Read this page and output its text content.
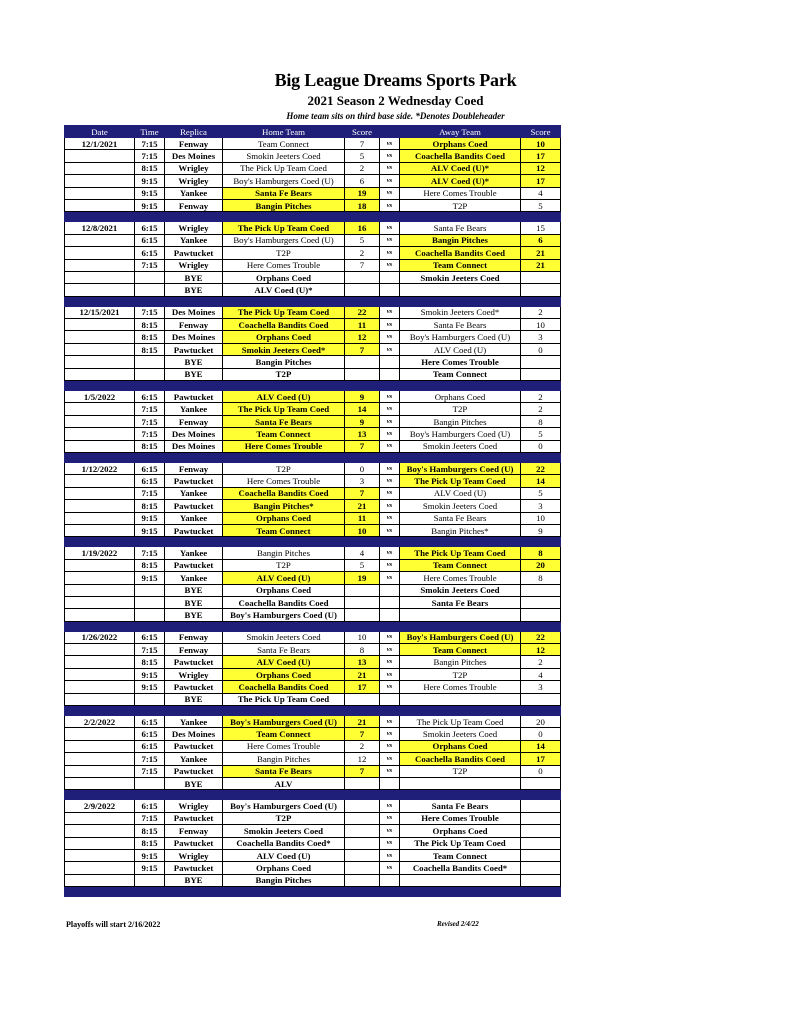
Big League Dreams Sports Park
2021 Season 2 Wednesday Coed
Home team sits on third base side. *Denotes Doubleheader
Date	Time	Replica	Home Team	Score		Away Team	Score
12/1/2021	7:15	Fenway	Team Connect	7	vs	Orphans Coed	10
	7:15	Des Moines	Smokin Jeeters Coed	5	vs	Coachella Bandits Coed	17
	8:15	Wrigley	The Pick Up Team Coed	2	vs	ALV Coed (U)*	12
	9:15	Wrigley	Boy's Hamburgers Coed (U)	6	vs	ALV Coed (U)*	17
	9:15	Yankee	Santa Fe Bears	19	vs	Here Comes Trouble	4
	9:15	Fenway	Bangin Pitches	18	vs	T2P	5

12/8/2021	6:15	Wrigley	The Pick Up Team Coed	16	vs	Santa Fe Bears	15
	6:15	Yankee	Boy's Hamburgers Coed (U)	5	vs	Bangin Pitches	6
	6:15	Pawtucket	T2P	2	vs	Coachella Bandits Coed	21
	7:15	Wrigley	Here Comes Trouble	7	vs	Team Connect	21
		BYE	Orphans Coed			Smokin Jeeters Coed	
		BYE	ALV Coed (U)*				

12/15/2021	7:15	Des Moines	The Pick Up Team Coed	22	vs	Smokin Jeeters Coed*	2
	8:15	Fenway	Coachella Bandits Coed	11	vs	Santa Fe Bears	10
	8:15	Des Moines	Orphans Coed	12	vs	Boy's Hamburgers Coed (U)	3
	8:15	Pawtucket	Smokin Jeeters Coed*	7	vs	ALV Coed (U)	0
		BYE	Bangin Pitches			Here Comes Trouble	
		BYE	T2P			Team Connect	

1/5/2022	6:15	Pawtucket	ALV Coed (U)	9	vs	Orphans Coed	2
	7:15	Yankee	The Pick Up Team Coed	14	vs	T2P	2
	7:15	Fenway	Santa Fe Bears	9	vs	Bangin Pitches	8
	7:15	Des Moines	Team Connect	13	vs	Boy's Hamburgers Coed (U)	5
	8:15	Des Moines	Here Comes Trouble	7	vs	Smokin Jeeters Coed	0

1/12/2022	6:15	Fenway	T2P	0	vs	Boy's Hamburgers Coed (U)	22
	6:15	Pawtucket	Here Comes Trouble	3	vs	The Pick Up Team Coed	14
	7:15	Yankee	Coachella Bandits Coed	7	vs	ALV Coed (U)	5
	8:15	Pawtucket	Bangin Pitches*	21	vs	Smokin Jeeters Coed	3
	9:15	Yankee	Orphans Coed	11	vs	Santa Fe Bears	10
	9:15	Pawtucket	Team Connect	10	vs	Bangin Pitches*	9

1/19/2022	7:15	Yankee	Bangin Pitches	4	vs	The Pick Up Team Coed	8
	8:15	Pawtucket	T2P	5	vs	Team Connect	20
	9:15	Yankee	ALV Coed (U)	19	vs	Here Comes Trouble	8
		BYE	Orphans Coed			Smokin Jeeters Coed	
		BYE	Coachella Bandits Coed			Santa Fe Bears	
		BYE	Boy's Hamburgers Coed (U)				

1/26/2022	6:15	Fenway	Smokin Jeeters Coed	10	vs	Boy's Hamburgers Coed (U)	22
	7:15	Fenway	Santa Fe Bears	8	vs	Team Connect	12
	8:15	Pawtucket	ALV Coed (U)	13	vs	Bangin Pitches	2
	9:15	Wrigley	Orphans Coed	21	vs	T2P	4
	9:15	Pawtucket	Coachella Bandits Coed	17	vs	Here Comes Trouble	3
		BYE	The Pick Up Team Coed				

2/2/2022	6:15	Yankee	Boy's Hamburgers Coed (U)	21	vs	The Pick Up Team Coed	20
	6:15	Des Moines	Team Connect	7	vs	Smokin Jeeters Coed	0
	6:15	Pawtucket	Here Comes Trouble	2	vs	Orphans Coed	14
	7:15	Yankee	Bangin Pitches	12	vs	Coachella Bandits Coed	17
	7:15	Pawtucket	Santa Fe Bears	7	vs	T2P	0
		BYE	ALV				

2/9/2022	6:15	Wrigley	Boy's Hamburgers Coed (U)		vs	Santa Fe Bears	
	7:15	Pawtucket	T2P		vs	Here Comes Trouble	
	8:15	Fenway	Smokin Jeeters Coed		vs	Orphans Coed	
	8:15	Pawtucket	Coachella Bandits Coed*		vs	The Pick Up Team Coed	
	9:15	Wrigley	ALV Coed (U)		vs	Team Connect	
	9:15	Pawtucket	Orphans Coed		vs	Coachella Bandits Coed*	
		BYE	Bangin Pitches				

Playoffs will start 2/16/2022	Revised 2/4/22
